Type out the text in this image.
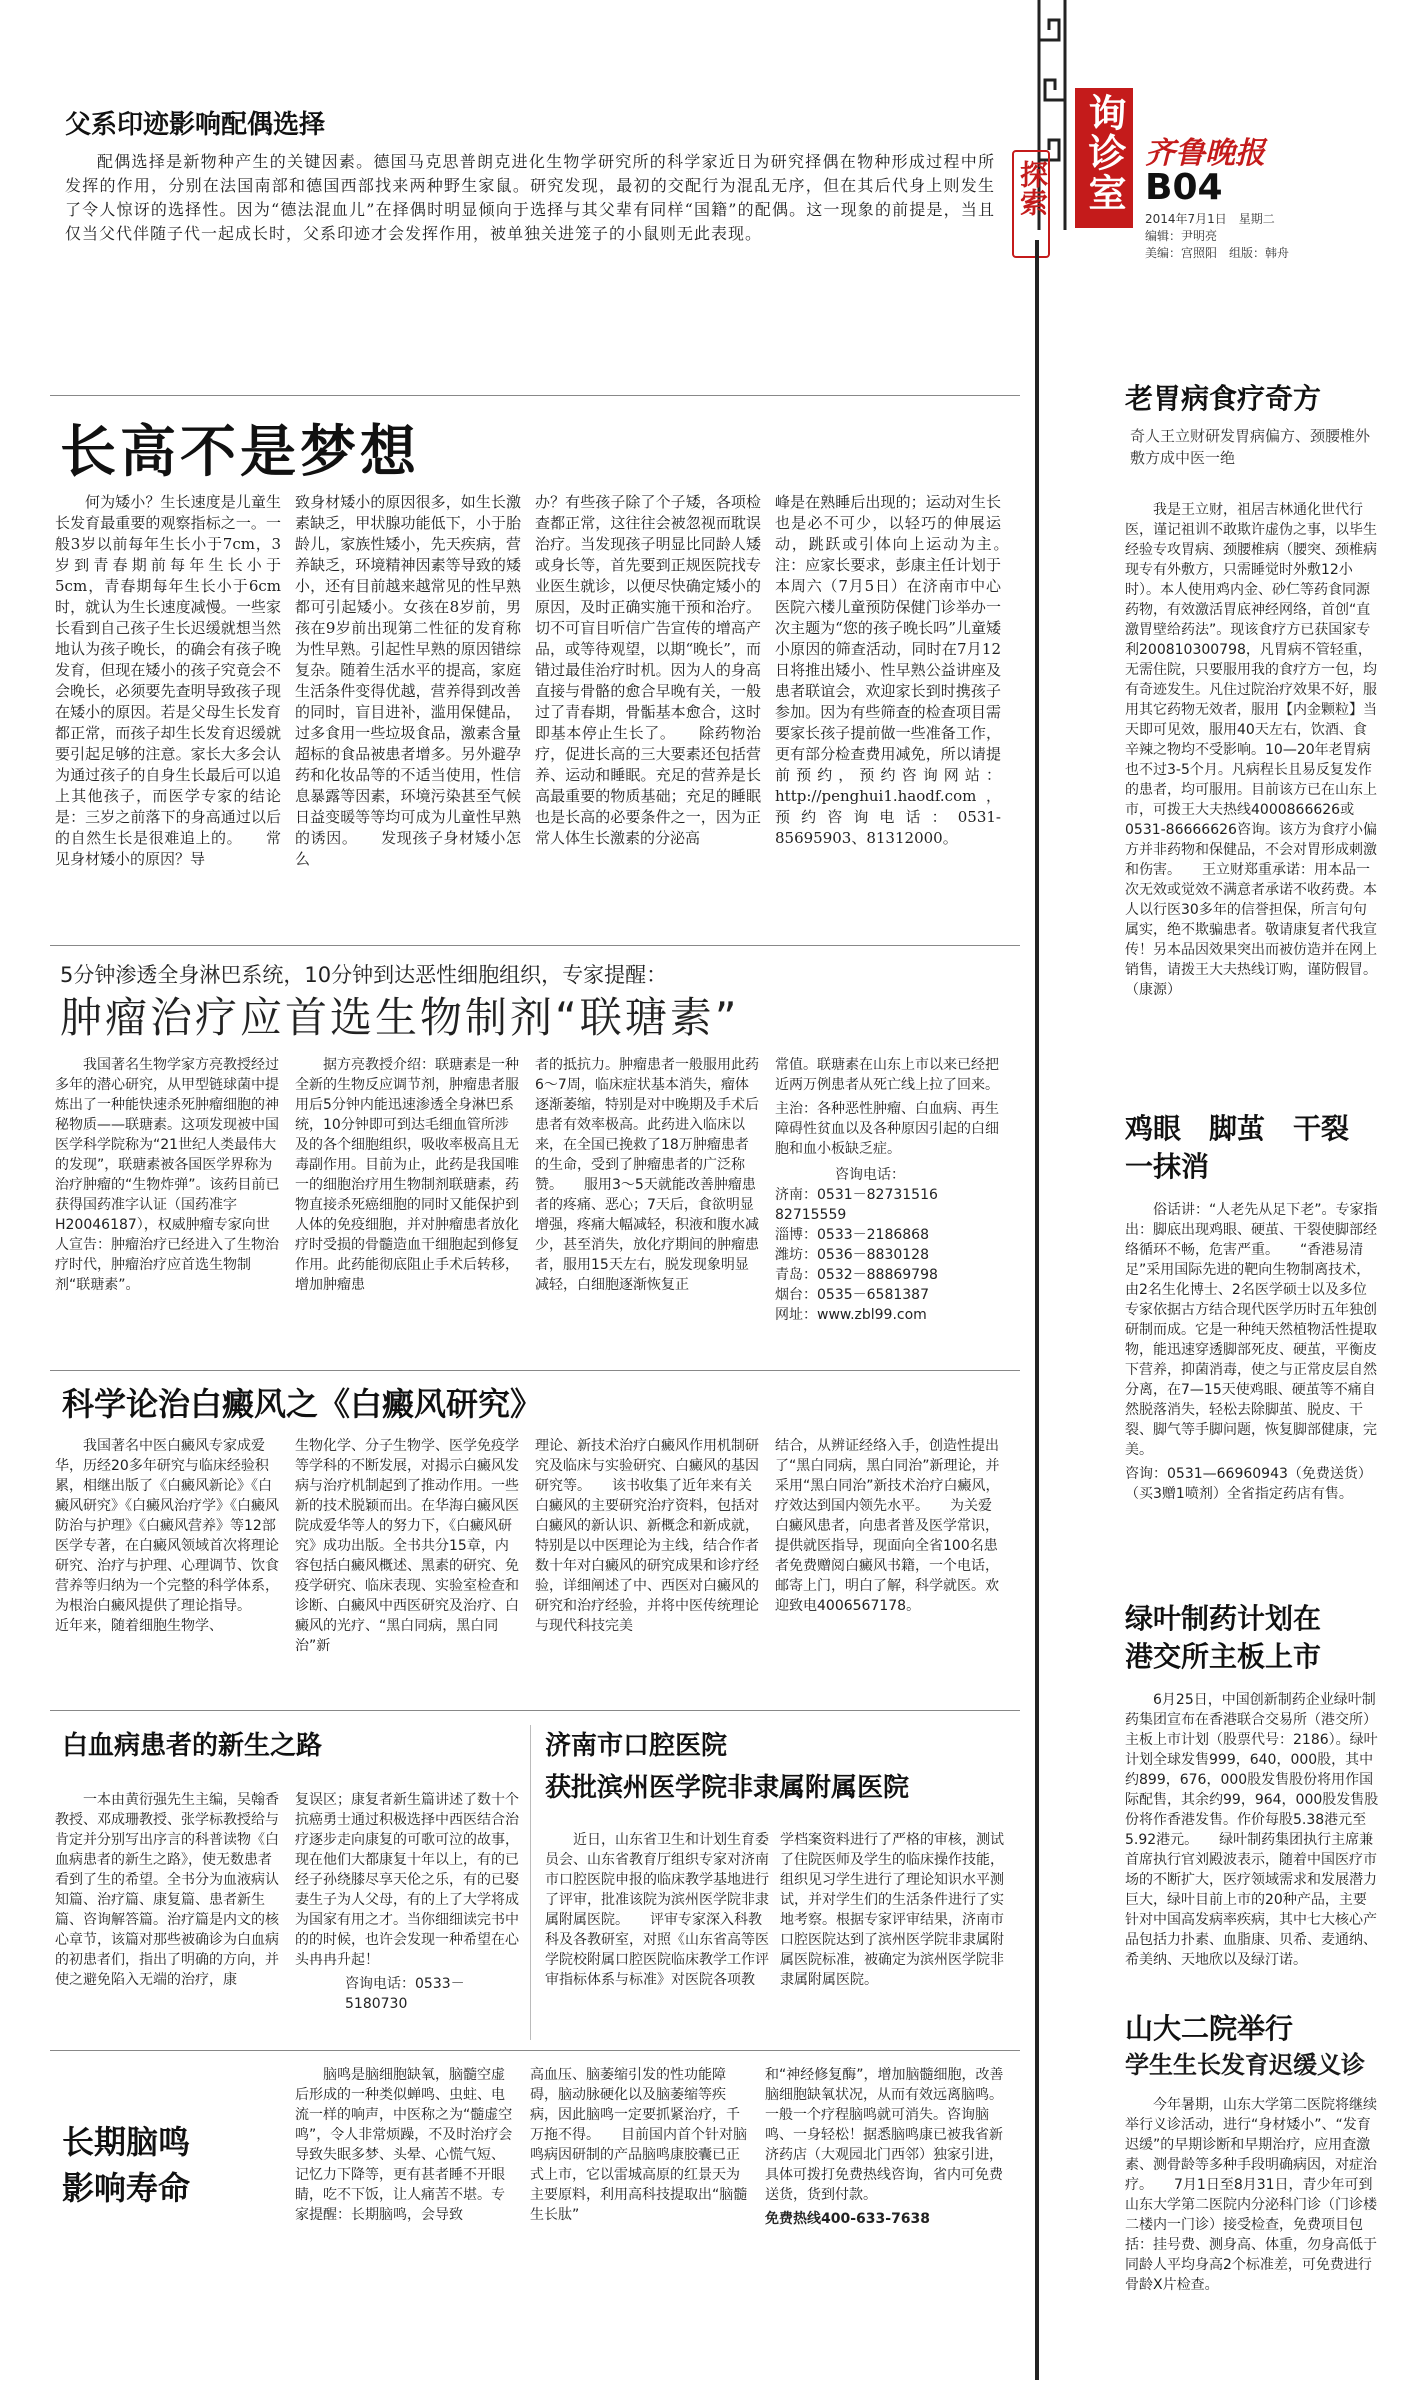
询诊室 齐鲁晚报
B04
2014年7月1日　星期二
编辑：尹明亮
美编：宫照阳　组版：韩舟
探索
父系印迹影响配偶选择
配偶选择是新物种产生的关键因素。德国马克思普朗克进化生物学研究所的科学家近日为研究择偶在物种形成过程中所发挥的作用，分别在法国南部和德国西部找来两种野生家鼠。研究发现，最初的交配行为混乱无序，但在其后代身上则发生了令人惊讶的选择性。因为“德法混血儿”在择偶时明显倾向于选择与其父辈有同样“国籍”的配偶。这一现象的前提是，当且仅当父代伴随子代一起成长时，父系印迹才会发挥作用，被单独关进笼子的小鼠则无此表现。
长高不是梦想
何为矮小？生长速度是儿童生长发育最重要的观察指标之一。一般3岁以前每年生长小于7cm，3岁到青春期前每年生长小于5cm，青春期每年生长小于6cm时，就认为生长速度减慢。一些家长看到自己孩子生长迟缓就想当然地认为孩子晚长，的确会有孩子晚发育，但现在矮小的孩子究竟会不会晚长，必须要先查明导致孩子现在矮小的原因。若是父母生长发育都正常，而孩子却生长发育迟缓就要引起足够的注意。家长大多会认为通过孩子的自身生长最后可以追上其他孩子，而医学专家的结论是：三岁之前落下的身高通过以后的自然生长是很难追上的。　　常见身材矮小的原因？导
致身材矮小的原因很多，如生长激素缺乏，甲状腺功能低下，小于胎龄儿，家族性矮小，先天疾病，营养缺乏，环境精神因素等导致的矮小，还有目前越来越常见的性早熟都可引起矮小。女孩在8岁前，男孩在9岁前出现第二性征的发育称为性早熟。引起性早熟的原因错综复杂。随着生活水平的提高，家庭生活条件变得优越，营养得到改善的同时，盲目进补，滥用保健品，过多食用一些垃圾食品，激素含量超标的食品被患者增多。另外避孕药和化妆品等的不适当使用，性信息暴露等因素，环境污染甚至气候日益变暖等等均可成为儿童性早熟的诱因。　　发现孩子身材矮小怎么
办？有些孩子除了个子矮，各项检查都正常，这往往会被忽视而耽误治疗。当发现孩子明显比同龄人矮或身长等，首先要到正规医院找专业医生就诊，以便尽快确定矮小的原因，及时正确实施干预和治疗。切不可盲目听信广告宣传的增高产品，或等待观望，以期“晚长”，而错过最佳治疗时机。因为人的身高直接与骨骼的愈合早晚有关，一般过了青春期，骨骺基本愈合，这时即基本停止生长了。　　除药物治疗，促进长高的三大要素还包括营养、运动和睡眠。充足的营养是长高最重要的物质基础；充足的睡眠也是长高的必要条件之一，因为正常人体生长激素的分泌高
峰是在熟睡后出现的；运动对生长也是必不可少，以轻巧的伸展运动，跳跃或引体向上运动为主。　　注：应家长要求，彭康主任计划于本周六（7月5日）在济南市中心医院六楼儿童预防保健门诊举办一次主题为“您的孩子晚长吗”儿童矮小原因的筛查活动，同时在7月12日将推出矮小、性早熟公益讲座及患者联谊会，欢迎家长到时携孩子参加。因为有些筛查的检查项目需要家长孩子提前做一些准备工作，更有部分检查费用减免，所以请提前预约，预约咨询网站：http://penghui1.haodf.com，预约咨询电话：0531-85695903、81312000。
5分钟渗透全身淋巴系统，10分钟到达恶性细胞组织，专家提醒：
肿瘤治疗应首选生物制剂“联瑭素”
我国著名生物学家方亮教授经过多年的潜心研究，从甲型链球菌中提炼出了一种能快速杀死肿瘤细胞的神秘物质——联瑭素。这项发现被中国医学科学院称为“21世纪人类最伟大的发现”，联瑭素被各国医学界称为治疗肿瘤的“生物炸弹”。该药目前已获得国药准字认证（国药准字H20046187），权威肿瘤专家向世人宣告：肿瘤治疗已经进入了生物治疗时代，肿瘤治疗应首选生物制剂“联瑭素”。
据方亮教授介绍：联瑭素是一种全新的生物反应调节剂，肿瘤患者服用后5分钟内能迅速渗透全身淋巴系统，10分钟即可到达毛细血管所涉及的各个细胞组织，吸收率极高且无毒副作用。目前为止，此药是我国唯一的细胞治疗用生物制剂联瑭素，药物直接杀死癌细胞的同时又能保护到人体的免疫细胞，并对肿瘤患者放化疗时受损的骨髓造血干细胞起到修复作用。此药能彻底阻止手术后转移，增加肿瘤患
者的抵抗力。肿瘤患者一般服用此药6～7周，临床症状基本消失，瘤体逐渐萎缩，特别是对中晚期及手术后患者有效率极高。此药进入临床以来，在全国已挽救了18万肿瘤患者的生命，受到了肿瘤患者的广泛称赞。　　服用3～5天就能改善肿瘤患者的疼痛、恶心；7天后，食欲明显增强，疼痛大幅减轻，积液和腹水减少，甚至消失，放化疗期间的肿瘤患者，服用15天左右，脱发现象明显减轻，白细胞逐渐恢复正
常值。联瑭素在山东上市以来已经把近两万例患者从死亡线上拉了回来。
主治：各种恶性肿瘤、白血病、再生障碍性贫血以及各种原因引起的白细胞和血小板缺乏症。
咨询电话：
济南：0531－82731516　82715559
淄博：0533－2186868
潍坊：0536－8830128
青岛：0532－88869798
烟台：0535－6581387
网址：www.zbl99.com
科学论治白癜风之《白癜风研究》
我国著名中医白癜风专家成爱华，历经20多年研究与临床经验积累，相继出版了《白癜风新论》《白癜风研究》《白癜风治疗学》《白癜风防治与护理》《白癜风营养》等12部医学专著，在白癜风领域首次将理论研究、治疗与护理、心理调节、饮食营养等归纳为一个完整的科学体系，为根治白癜风提供了理论指导。　　近年来，随着细胞生物学、
生物化学、分子生物学、医学免疫学等学科的不断发展，对揭示白癜风发病与治疗机制起到了推动作用。一些新的技术脱颖而出。在华海白癜风医院成爱华等人的努力下，《白癜风研究》成功出版。全书共分15章，内容包括白癜风概述、黑素的研究、免疫学研究、临床表现、实验室检查和诊断、白癜风中西医研究及治疗、白癜风的光疗、“黑白同病，黑白同治”新
理论、新技术治疗白癜风作用机制研究及临床与实验研究、白癜风的基因研究等。　　该书收集了近年来有关白癜风的主要研究治疗资料，包括对白癜风的新认识、新概念和新成就，特别是以中医理论为主线，结合作者数十年对白癜风的研究成果和诊疗经验，详细阐述了中、西医对白癜风的研究和治疗经验，并将中医传统理论与现代科技完美
结合，从辨证经络入手，创造性提出了“黑白同病，黑白同治”新理论，并采用“黑白同治”新技术治疗白癜风，疗效达到国内领先水平。　　为关爱白癜风患者，向患者普及医学常识，提供就医指导，现面向全省100名患者免费赠阅白癜风书籍，一个电话，邮寄上门，明白了解，科学就医。欢迎致电4006567178。
白血病患者的新生之路
一本由黄衍强先生主编，吴翰香教授、邓成珊教授、张学标教授给与肯定并分别写出序言的科普读物《白血病患者的新生之路》，使无数患者看到了生的希望。全书分为血液病认知篇、治疗篇、康复篇、患者新生篇、咨询解答篇。治疗篇是内文的核心章节，该篇对那些被确诊为白血病的初患者们，指出了明确的方向，并使之避免陷入无端的治疗，康
复误区；康复者新生篇讲述了数十个抗癌勇士通过积极选择中西医结合治疗逐步走向康复的可歌可泣的故事，现在他们大都康复十年以上，有的已经子孙绕膝尽享天伦之乐，有的已娶妻生子为人父母，有的上了大学将成为国家有用之才。当你细细读完书中的的时候，也许会发现一种希望在心头冉冉升起！
咨询电话：0533－5180730
济南市口腔医院
获批滨州医学院非隶属附属医院
近日，山东省卫生和计划生育委员会、山东省教育厅组织专家对济南市口腔医院申报的临床教学基地进行了评审，批准该院为滨州医学院非隶属附属医院。　　评审专家深入科教科及各教研室，对照《山东省高等医学院校附属口腔医院临床教学工作评审指标体系与标准》对医院各项教
学档案资料进行了严格的审核，测试了住院医师及学生的临床操作技能，组织见习学生进行了理论知识水平测试，并对学生们的生活条件进行了实地考察。根据专家评审结果，济南市口腔医院达到了滨州医学院非隶属附属医院标准，被确定为滨州医学院非隶属附属医院。
长期脑鸣
影响寿命
脑鸣是脑细胞缺氧，脑髓空虚后形成的一种类似蝉鸣、虫蛀、电流一样的响声，中医称之为“髓虚空鸣”，令人非常烦躁，不及时治疗会导致失眠多梦、头晕、心慌气短、记忆力下降等，更有甚者睡不开眼睛，吃不下饭，让人痛苦不堪。专家提醒：长期脑鸣，会导致
高血压、脑萎缩引发的性功能障碍，脑动脉硬化以及脑萎缩等疾病，因此脑鸣一定要抓紧治疗，千万拖不得。　　目前国内首个针对脑鸣病因研制的产品脑鸣康胶囊已正式上市，它以雷城高原的红景天为主要原料，利用高科技提取出“脑髓生长肽”
和“神经修复酶”，增加脑髓细胞，改善脑细胞缺氧状况，从而有效远离脑鸣。一般一个疗程脑鸣就可消失。咨询脑鸣、一身轻松！据悉脑鸣康已被我省新济药店（大观园北门西邻）独家引进，具体可拨打免费热线咨询，省内可免费送货，货到付款。
免费热线400-633-7638
老胃病食疗奇方
奇人王立财研发胃病偏方、颈腰椎外敷方成中医一绝
我是王立财，祖居吉林通化世代行医，谨记祖训不敢欺许虚伪之事，以毕生经验专攻胃病、颈腰椎病（腰突、颈椎病现专有外敷方，只需睡觉时外敷12小时）。本人使用鸡内金、砂仁等药食同源药物，有效激活胃底神经网络，首创“直激胃壁给药法”。现该食疗方已获国家专利200810300798，凡胃病不管轻重，无需住院，只要服用我的食疗方一包，均有奇迹发生。凡住过院治疗效果不好，服用其它药物无效者，服用【内金颗粒】当天即可见效，服用40天左右，饮酒、食辛辣之物均不受影响。10—20年老胃病也不过3-5个月。凡病程长且易反复发作的患者，均可服用。目前该方已在山东上市，可拨王大夫热线4000866626或0531-86666626咨询。该方为食疗小偏方并非药物和保健品，不会对胃形成刺激和伤害。　　王立财郑重承诺：用本品一次无效或觉效不满意者承诺不收药费。本人以行医30多年的信誉担保，所言句句属实，绝不欺骗患者。敬请康复者代我宣传！另本品因效果突出而被仿造并在网上销售，请拨王大夫热线订购，谨防假冒。（康源）
鸡眼　脚茧　干裂
一抹消
俗话讲：“人老先从足下老”。专家指出：脚底出现鸡眼、硬茧、干裂使脚部经络循环不畅，危害严重。　　“香港易清足”采用国际先进的靶向生物制离技术，由2名生化博士、2名医学硕士以及多位专家依据古方结合现代医学历时五年独创研制而成。它是一种纯天然植物活性提取物，能迅速穿透脚部死皮、硬茧，平衡皮下营养，抑菌消毒，使之与正常皮层自然分离，在7—15天使鸡眼、硬茧等不痛自然脱落消失，轻松去除脚茧、脱皮、干裂、脚气等手脚问题，恢复脚部健康，完美。
咨询：0531—66960943（免费送货）（买3赠1喷剂）全省指定药店有售。
绿叶制药计划在
港交所主板上市
6月25日，中国创新制药企业绿叶制药集团宣布在香港联合交易所（港交所）主板上市计划（股票代号：2186）。绿叶计划全球发售999，640，000股，其中约899，676，000股发售股份将用作国际配售，其余约99，964，000股发售股份将作香港发售。作价每股5.38港元至5.92港元。　　绿叶制药集团执行主席兼首席执行官刘殿波表示，随着中国医疗市场的不断扩大，医疗领域需求和发展潜力巨大，绿叶目前上市的20种产品，主要针对中国高发病率疾病，其中七大核心产品包括力扑素、血脂康、贝希、麦通纳、希美纳、天地欣以及绿汀诺。
山大二院举行
学生生长发育迟缓义诊
今年暑期，山东大学第二医院将继续举行义诊活动，进行“身材矮小”、“发育迟缓”的早期诊断和早期治疗，应用査激素、测骨龄等多种手段明确病因，对症治疗。　　7月1日至8月31日，青少年可到山东大学第二医院内分泌科门诊（门诊楼二楼内一门诊）接受检查，免费项目包括：挂号费、测身高、体重，勿身高低于同龄人平均身高2个标准差，可免费进行骨龄X片检查。
